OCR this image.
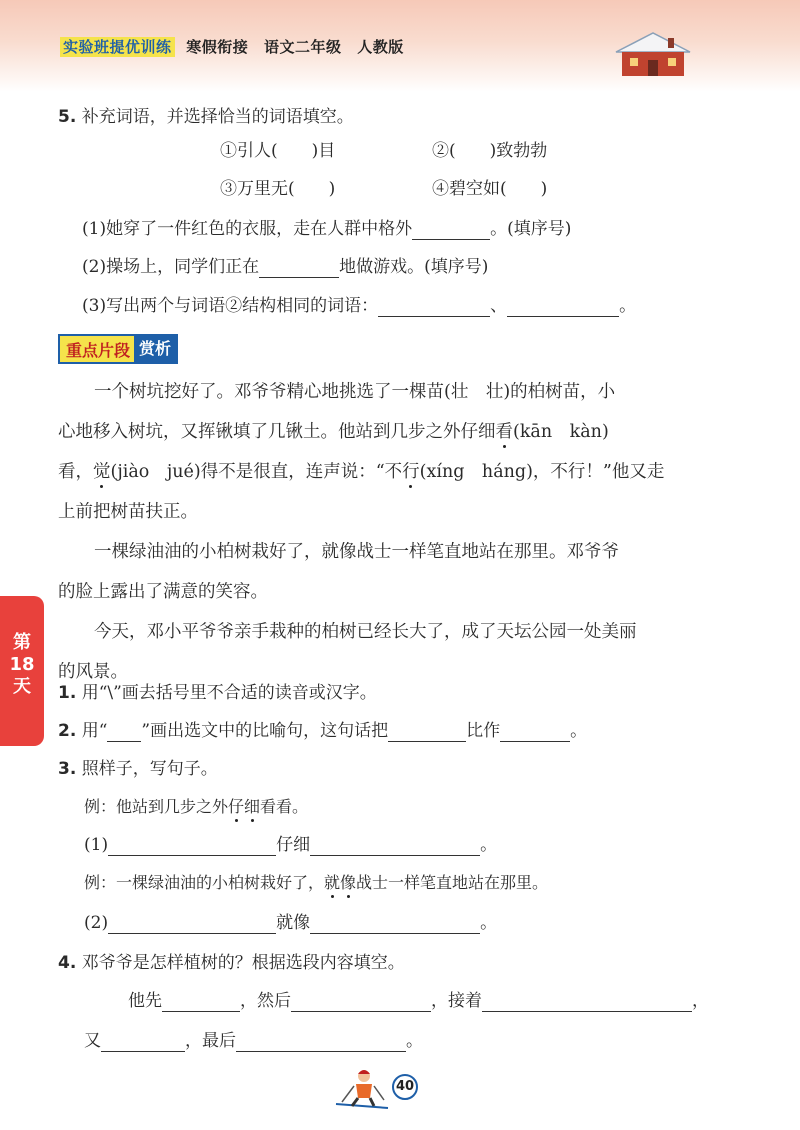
实验班提优训练 寒假衔接 语文二年级 人教版
5. 补充词语，并选择恰当的词语填空。
①引人(　　)目	②(　　)致勃勃
③万里无(　　)	④碧空如(　　)
(1)她穿了一件红色的衣服，走在人群中格外	。(填序号)
(2)操场上，同学们正在	地做游戏。(填序号)
(3)写出两个与词语②结构相同的词语：	、	。
重点片段 赏析
一个树坑挖好了。邓爷爷精心地挑选了一棵苗(壮　壮)的柏树苗，小
心地移入树坑，又挥锹填了几锹土。他站到几步之外仔细看(kān　kàn)
看，觉(jiào　jué)得不是很直，连声说：“不行(xíng　háng)，不行！”他又走
上前把树苗扶正。
一棵绿油油的小柏树栽好了，就像战士一样笔直地站在那里。邓爷爷
的脸上露出了满意的笑容。
今天，邓小平爷爷亲手栽种的柏树已经长大了，成了天坛公园一处美丽
的风景。
第
18
天	1. 用“\”画去括号里不合适的读音或汉字。
2. 用“ ”画出选文中的比喻句，这句话把	比作	。
3. 照样子，写句子。
例：他站到几步之外仔细看看。
(1)	仔细	。
例：一棵绿油油的小柏树栽好了，就像战士一样笔直地站在那里。
(2)	就像	。
4. 邓爷爷是怎样植树的？根据选段内容填空。
他先	，然后	，接着	，
又	，最后	。
40
